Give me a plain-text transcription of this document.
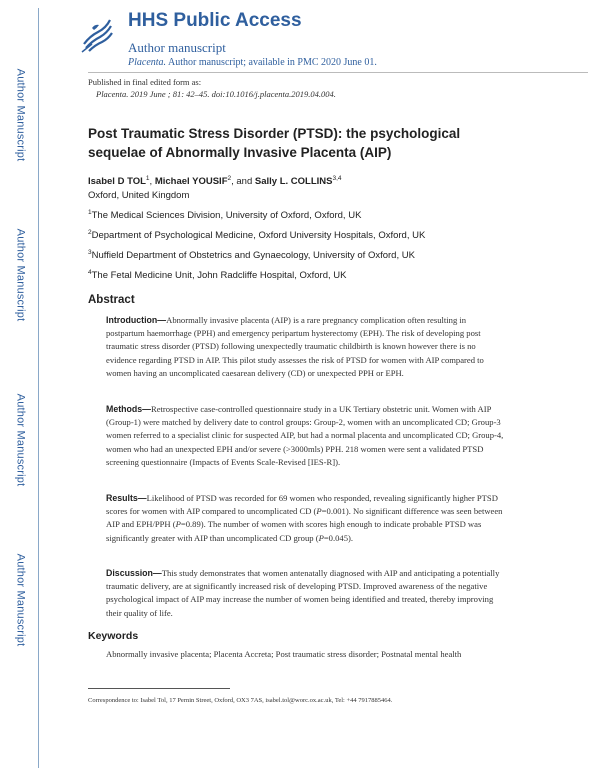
Author Manuscript
Author Manuscript
Author Manuscript
Author Manuscript
HHS Public Access
Author manuscript
Placenta. Author manuscript; available in PMC 2020 June 01.
Published in final edited form as:
Placenta. 2019 June ; 81: 42–45. doi:10.1016/j.placenta.2019.04.004.
Post Traumatic Stress Disorder (PTSD): the psychological sequelae of Abnormally Invasive Placenta (AIP)
Isabel D TOL$^1$, Michael YOUSIF$^2$, and Sally L. COLLINS$^{3,4}$
Oxford, United Kingdom
$^1$The Medical Sciences Division, University of Oxford, Oxford, UK
$^2$Department of Psychological Medicine, Oxford University Hospitals, Oxford, UK
$^3$Nuffield Department of Obstetrics and Gynaecology, University of Oxford, UK
$^4$The Fetal Medicine Unit, John Radcliffe Hospital, Oxford, UK
Abstract
Introduction—Abnormally invasive placenta (AIP) is a rare pregnancy complication often resulting in postpartum haemorrhage (PPH) and emergency peripartum hysterectomy (EPH). The risk of developing post traumatic stress disorder (PTSD) following unexpectedly traumatic childbirth is known however there is no evidence regarding PTSD in AIP. This pilot study assesses the risk of PTSD for women with AIP compared to women having an uncomplicated caesarean delivery (CD) or unexpected PPH or EPH.
Methods—Retrospective case-controlled questionnaire study in a UK Tertiary obstetric unit. Women with AIP (Group-1) were matched by delivery date to control groups: Group-2, women with an uncomplicated CD; Group-3 women referred to a specialist clinic for suspected AIP, but had a normal placenta and uncomplicated CD; Group-4, women who had an unexpected EPH and/or severe (>3000mls) PPH. 218 women were sent a validated PTSD screening questionnaire (Impacts of Events Scale-Revised [IES-R]).
Results—Likelihood of PTSD was recorded for 69 women who responded, revealing significantly higher PTSD scores for women with AIP compared to uncomplicated CD (P=0.001). No significant difference was seen between AIP and EPH/PPH (P=0.89). The number of women with scores high enough to indicate probable PTSD was significantly greater with AIP than uncomplicated CD group (P=0.045).
Discussion—This study demonstrates that women antenatally diagnosed with AIP and anticipating a potentially traumatic delivery, are at significantly increased risk of developing PTSD. Improved awareness of the negative psychological impact of AIP may increase the number of women being identified and treated, thereby improving their quality of life.
Keywords
Abnormally invasive placenta; Placenta Accreta; Post traumatic stress disorder; Postnatal mental health
Correspondence to: Isabel Tol, 17 Pernin Street, Oxford, OX3 7AS, isabel.tol@worc.ox.ac.uk, Tel: +44 7917885464.
